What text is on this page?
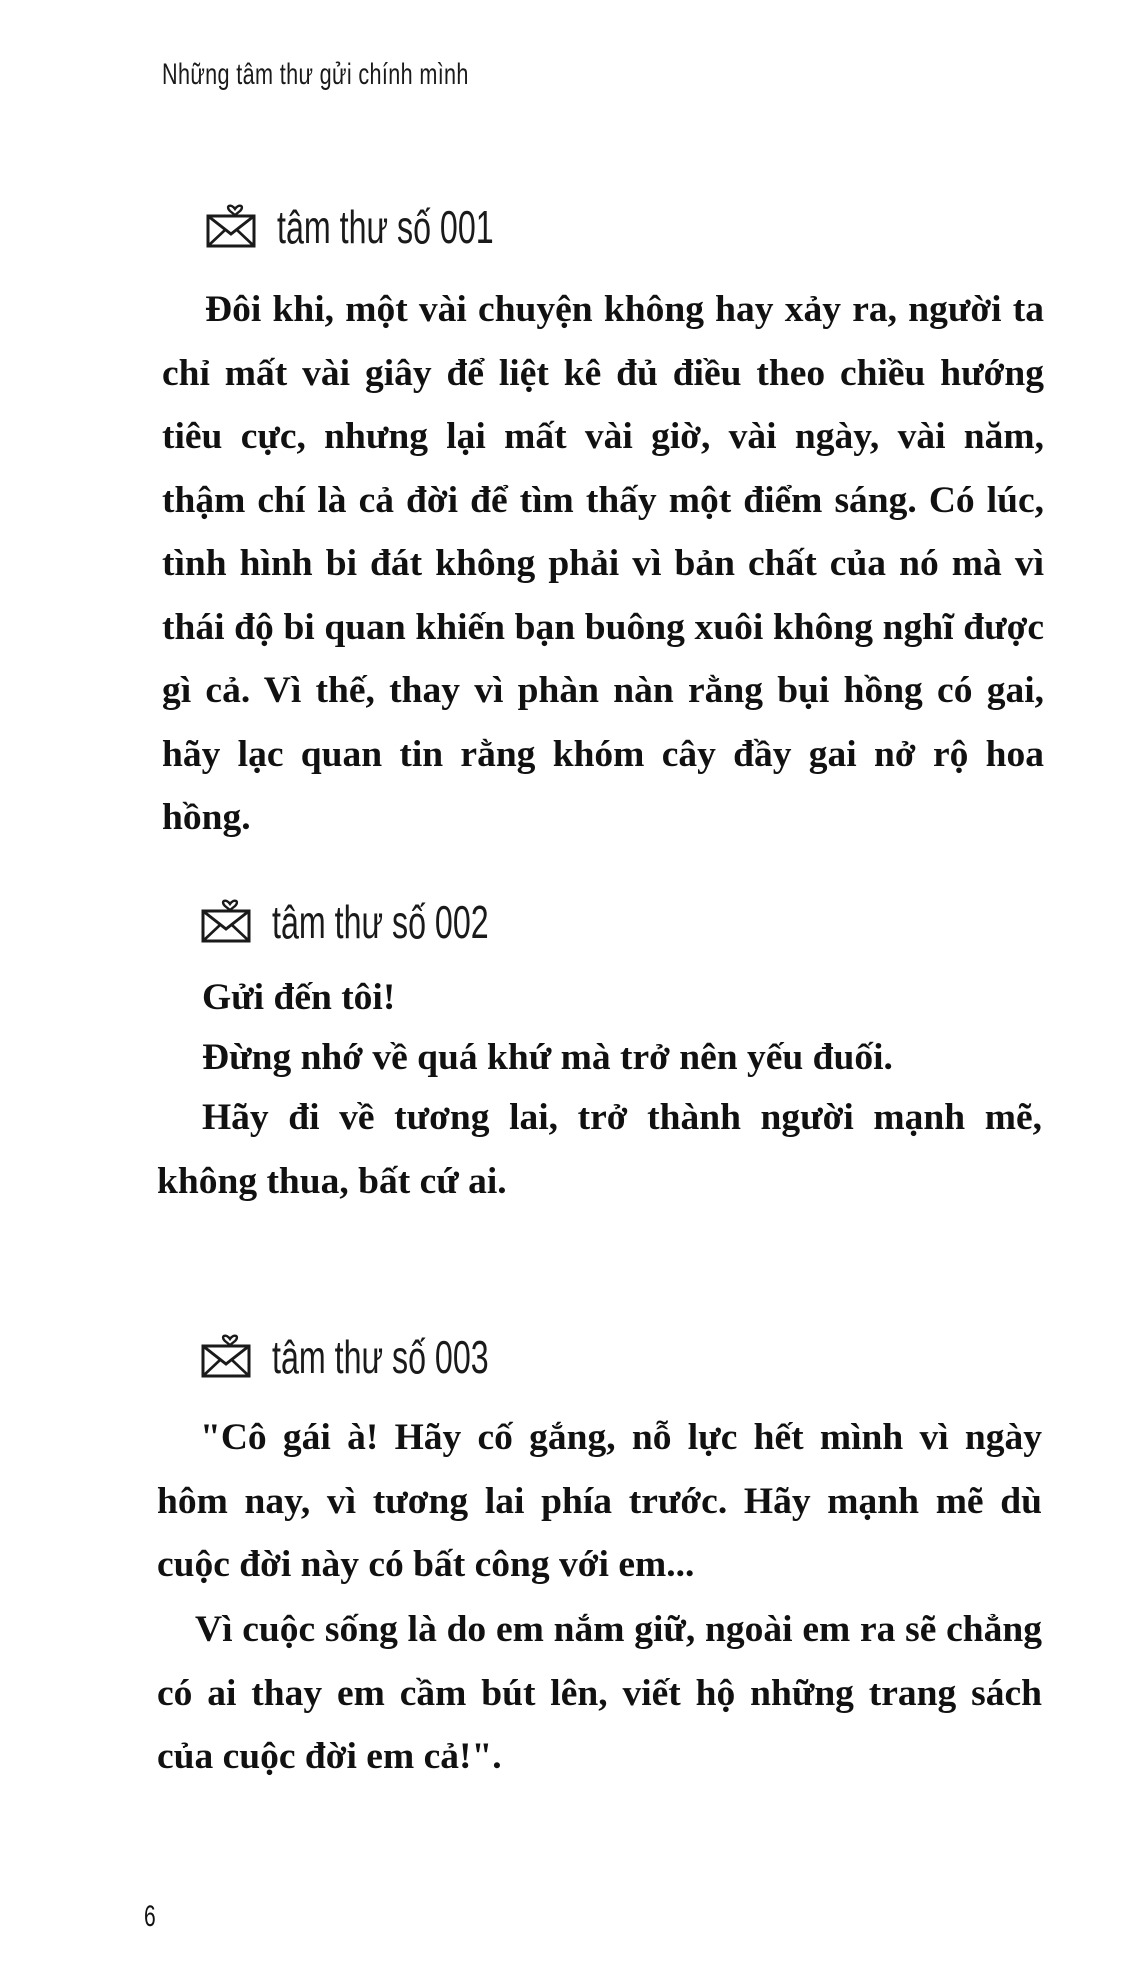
Những tâm thư gửi chính mình
tâm thư số 001

Đôi khi, một vài chuyện không hay xảy ra, người ta chỉ mất vài giây để liệt kê đủ điều theo chiều hướng tiêu cực, nhưng lại mất vài giờ, vài ngày, vài năm, thậm chí là cả đời để tìm thấy một điểm sáng. Có lúc, tình hình bi đát không phải vì bản chất của nó mà vì thái độ bi quan khiến bạn buông xuôi không nghĩ được gì cả. Vì thế, thay vì phàn nàn rằng bụi hồng có gai, hãy lạc quan tin rằng khóm cây đầy gai nở rộ hoa hồng.

tâm thư số 002

Gửi đến tôi!

Đừng nhớ về quá khứ mà trở nên yếu đuối.

Hãy đi về tương lai, trở thành người mạnh mẽ, không thua, bất cứ ai.

tâm thư số 003

"Cô gái à! Hãy cố gắng, nỗ lực hết mình vì ngày hôm nay, vì tương lai phía trước. Hãy mạnh mẽ dù cuộc đời này có bất công với em...

Vì cuộc sống là do em nắm giữ, ngoài em ra sẽ chẳng có ai thay em cầm bút lên, viết hộ những trang sách của cuộc đời em cả!".

6
